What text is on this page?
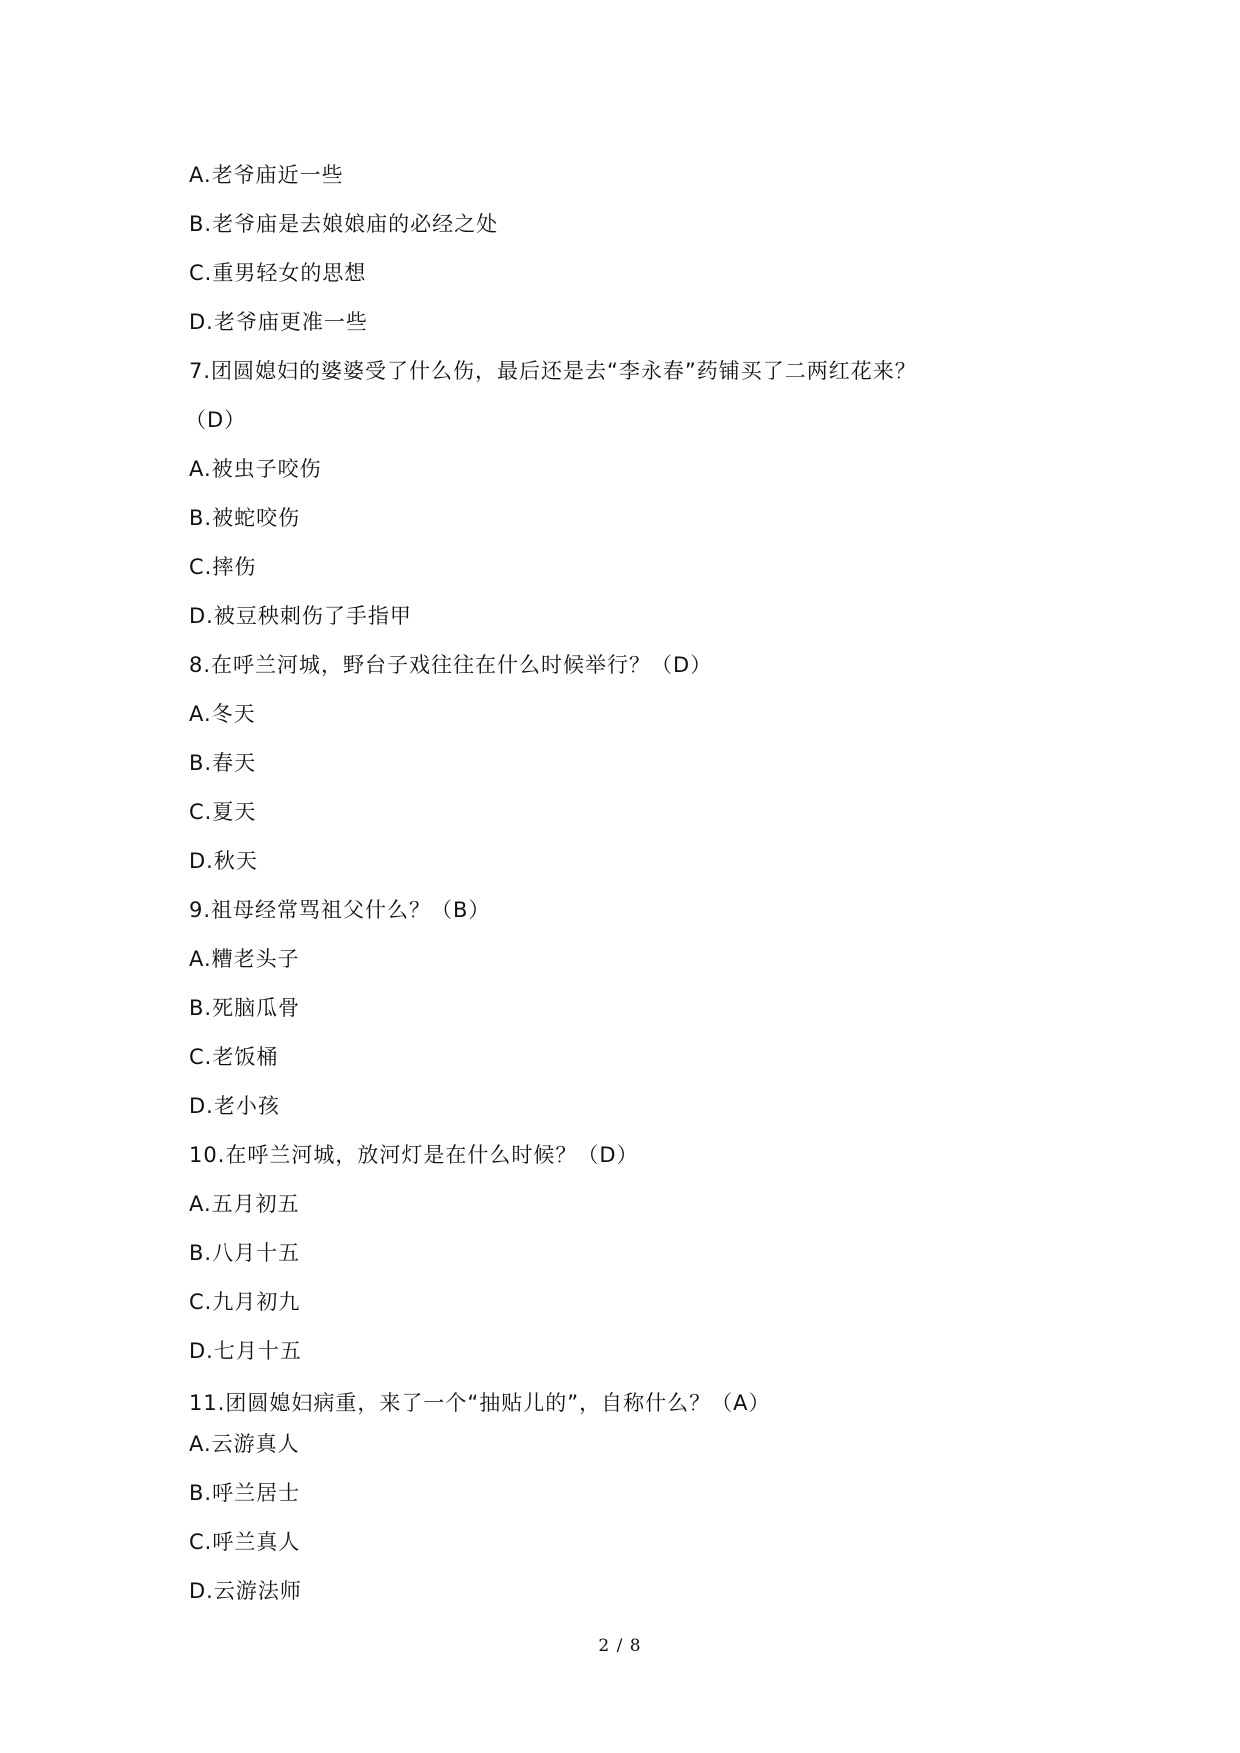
A.老爷庙近一些
B.老爷庙是去娘娘庙的必经之处
C.重男轻女的思想
D.老爷庙更准一些
7.团圆媳妇的婆婆受了什么伤，最后还是去“李永春”药铺买了二两红花来？
（D）
A.被虫子咬伤
B.被蛇咬伤
C.摔伤
D.被豆秧刺伤了手指甲
8.在呼兰河城，野台子戏往往在什么时候举行？（D）
A.冬天
B.春天
C.夏天
D.秋天
9.祖母经常骂祖父什么？（B）
A.糟老头子
B.死脑瓜骨
C.老饭桶
D.老小孩
10.在呼兰河城，放河灯是在什么时候？（D）
A.五月初五
B.八月十五
C.九月初九
D.七月十五
11.团圆媳妇病重，来了一个“抽贴儿的”，自称什么？（A）
A.云游真人
B.呼兰居士
C.呼兰真人
D.云游法师
2 / 8
